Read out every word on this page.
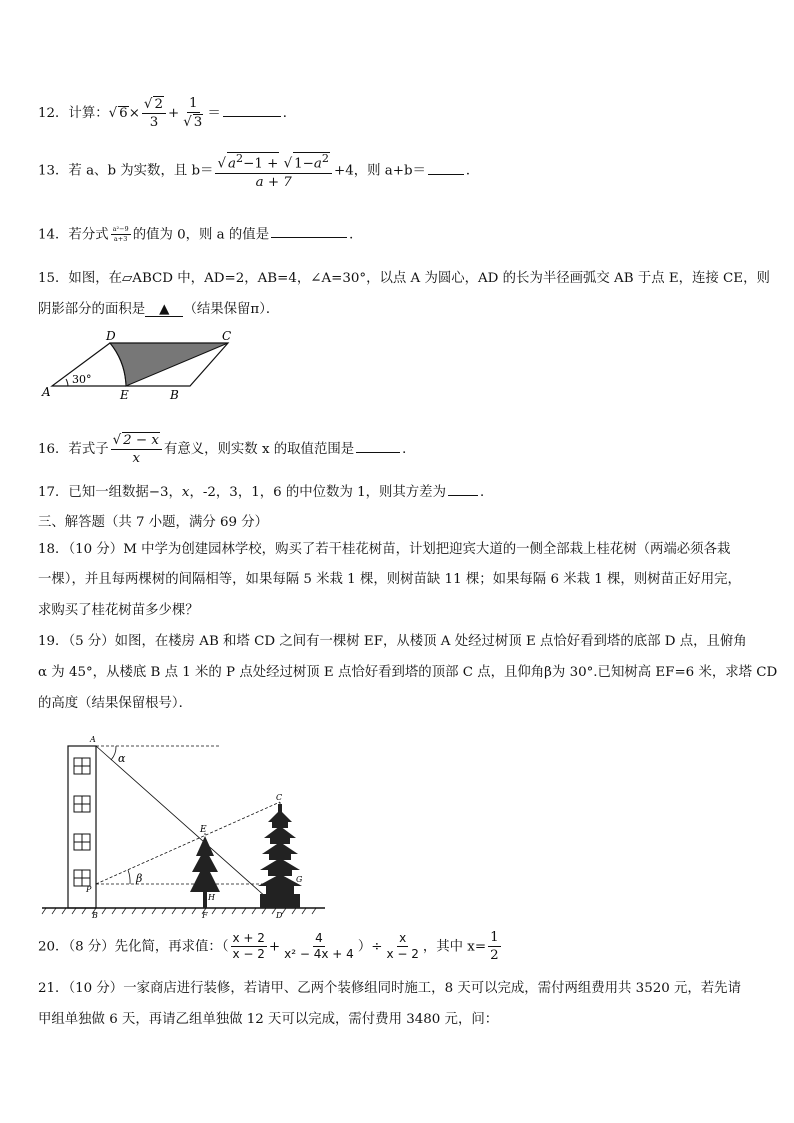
12．计算：√ $6\times \frac{√ 2}{3} + \frac{1}{√ 3}$ ＝	．
13．若 a、b 为实数，且 $b= \frac{√ a^2-1 + √ 1-a^2}{a + 7} +4$，则 a+b＝	．
14．若分式 $\frac{\text{a²−9}}{a+3}$ 的值为 0，则 a 的值是	．
15．如图，在▱ABCD 中，AD=2，AB=4，∠A=30°，以点 A 为圆心，AD 的长为半径画弧交 AB 于点 E，连接 CE，则
阴影部分的面积是 ▲ （结果保留π）．
D	C
A	E	B
30°
16．若式子 $\frac{√ 2 - x}{x}$ 有意义，则实数 x 的取值范围是	．
17．已知一组数据−3，x，-2，3，1，6 的中位数为 1，则其方差为	．
三、解答题（共 7 小题，满分 69 分）
18．（10 分）M 中学为创建园林学校，购买了若干桂花树苗，计划把迎宾大道的一侧全部栽上桂花树（两端必须各栽
一棵），并且每两棵树的间隔相等，如果每隔 5 米栽 1 棵，则树苗缺 11 棵；如果每隔 6 米栽 1 棵，则树苗正好用完，
求购买了桂花树苗多少棵？
19．（5 分）如图，在楼房 AB 和塔 CD 之间有一棵树 EF，从楼顶 A 处经过树顶 E 点恰好看到塔的底部 D 点，且俯角
α 为 45°，从楼底 B 点 1 米的 P 点处经过树顶 E 点恰好看到塔的顶部 C 点，且仰角β为 30°.已知树高 EF=6 米，求塔 CD
的高度（结果保留根号）．
A
α
C
E
β
P
G
H
B	F	D
20．（8 分）先化简，再求值：（ $\frac{x + 2}{x - 2} + \frac{4}{\text{x² − 4x + 4}}$ ）÷ $\frac{x}{x - 2}$ ，其中 $x= \frac{1}{2}$
21．（10 分）一家商店进行装修，若请甲、乙两个装修组同时施工，8 天可以完成，需付两组费用共 3520 元，若先请
甲组单独做 6 天，再请乙组单独做 12 天可以完成，需付费用 3480 元，问：
